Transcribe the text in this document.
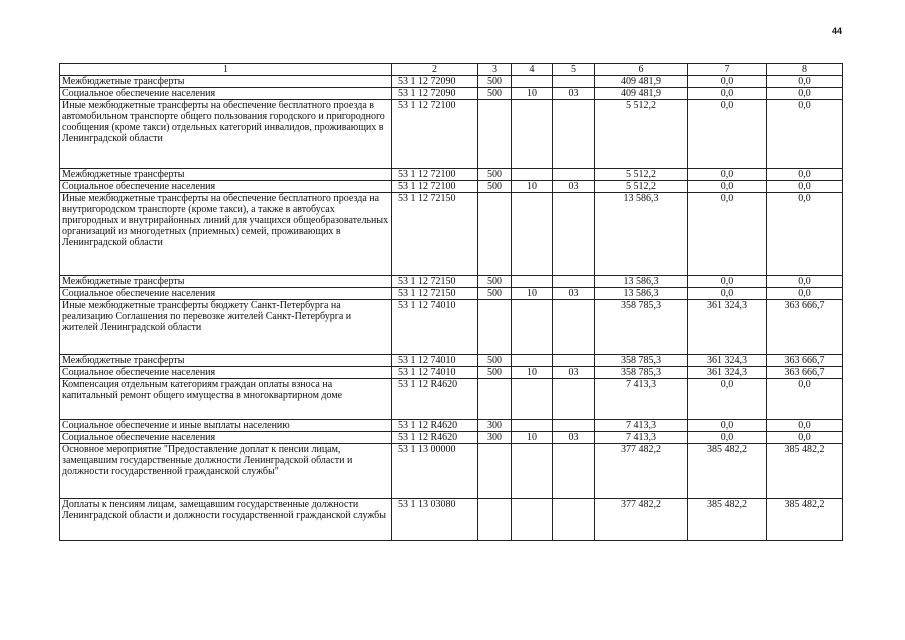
44
1	2	3	4	5	6	7	8
Межбюджетные трансферты	53 1 12 72090	500			409 481,9	0,0	0,0
Социальное обеспечение населения	53 1 12 72090	500	10	03	409 481,9	0,0	0,0
Иные межбюджетные трансферты на обеспечение бесплатного проезда в автомобильном транспорте общего пользования городского и пригородного сообщения (кроме такси) отдельных категорий инвалидов, проживающих в Ленинградской области	53 1 12 72100				5 512,2	0,0	0,0
Межбюджетные трансферты	53 1 12 72100	500			5 512,2	0,0	0,0
Социальное обеспечение населения	53 1 12 72100	500	10	03	5 512,2	0,0	0,0
Иные межбюджетные трансферты на обеспечение бесплатного проезда на внутригородском транспорте (кроме такси), а также в автобусах пригородных и внутрирайонных линий для учащихся общеобразовательных организаций из многодетных (приемных) семей, проживающих в Ленинградской области	53 1 12 72150				13 586,3	0,0	0,0
Межбюджетные трансферты	53 1 12 72150	500			13 586,3	0,0	0,0
Социальное обеспечение населения	53 1 12 72150	500	10	03	13 586,3	0,0	0,0
Иные межбюджетные трансферты бюджету Санкт-Петербурга на реализацию Соглашения по перевозке жителей Санкт-Петербурга и жителей Ленинградской области	53 1 12 74010				358 785,3	361 324,3	363 666,7
Межбюджетные трансферты	53 1 12 74010	500			358 785,3	361 324,3	363 666,7
Социальное обеспечение населения	53 1 12 74010	500	10	03	358 785,3	361 324,3	363 666,7
Компенсация отдельным категориям граждан оплаты взноса на капитальный ремонт общего имущества в многоквартирном доме	53 1 12 R4620				7 413,3	0,0	0,0
Социальное обеспечение и иные выплаты населению	53 1 12 R4620	300			7 413,3	0,0	0,0
Социальное обеспечение населения	53 1 12 R4620	300	10	03	7 413,3	0,0	0,0
Основное мероприятие "Предоставление доплат к пенсии лицам, замещавшим государственные должности Ленинградской области и должности государственной гражданской службы"	53 1 13 00000				377 482,2	385 482,2	385 482,2
Доплаты к пенсиям лицам, замещавшим государственные должности Ленинградской области и должности государственной гражданской службы	53 1 13 03080				377 482,2	385 482,2	385 482,2
